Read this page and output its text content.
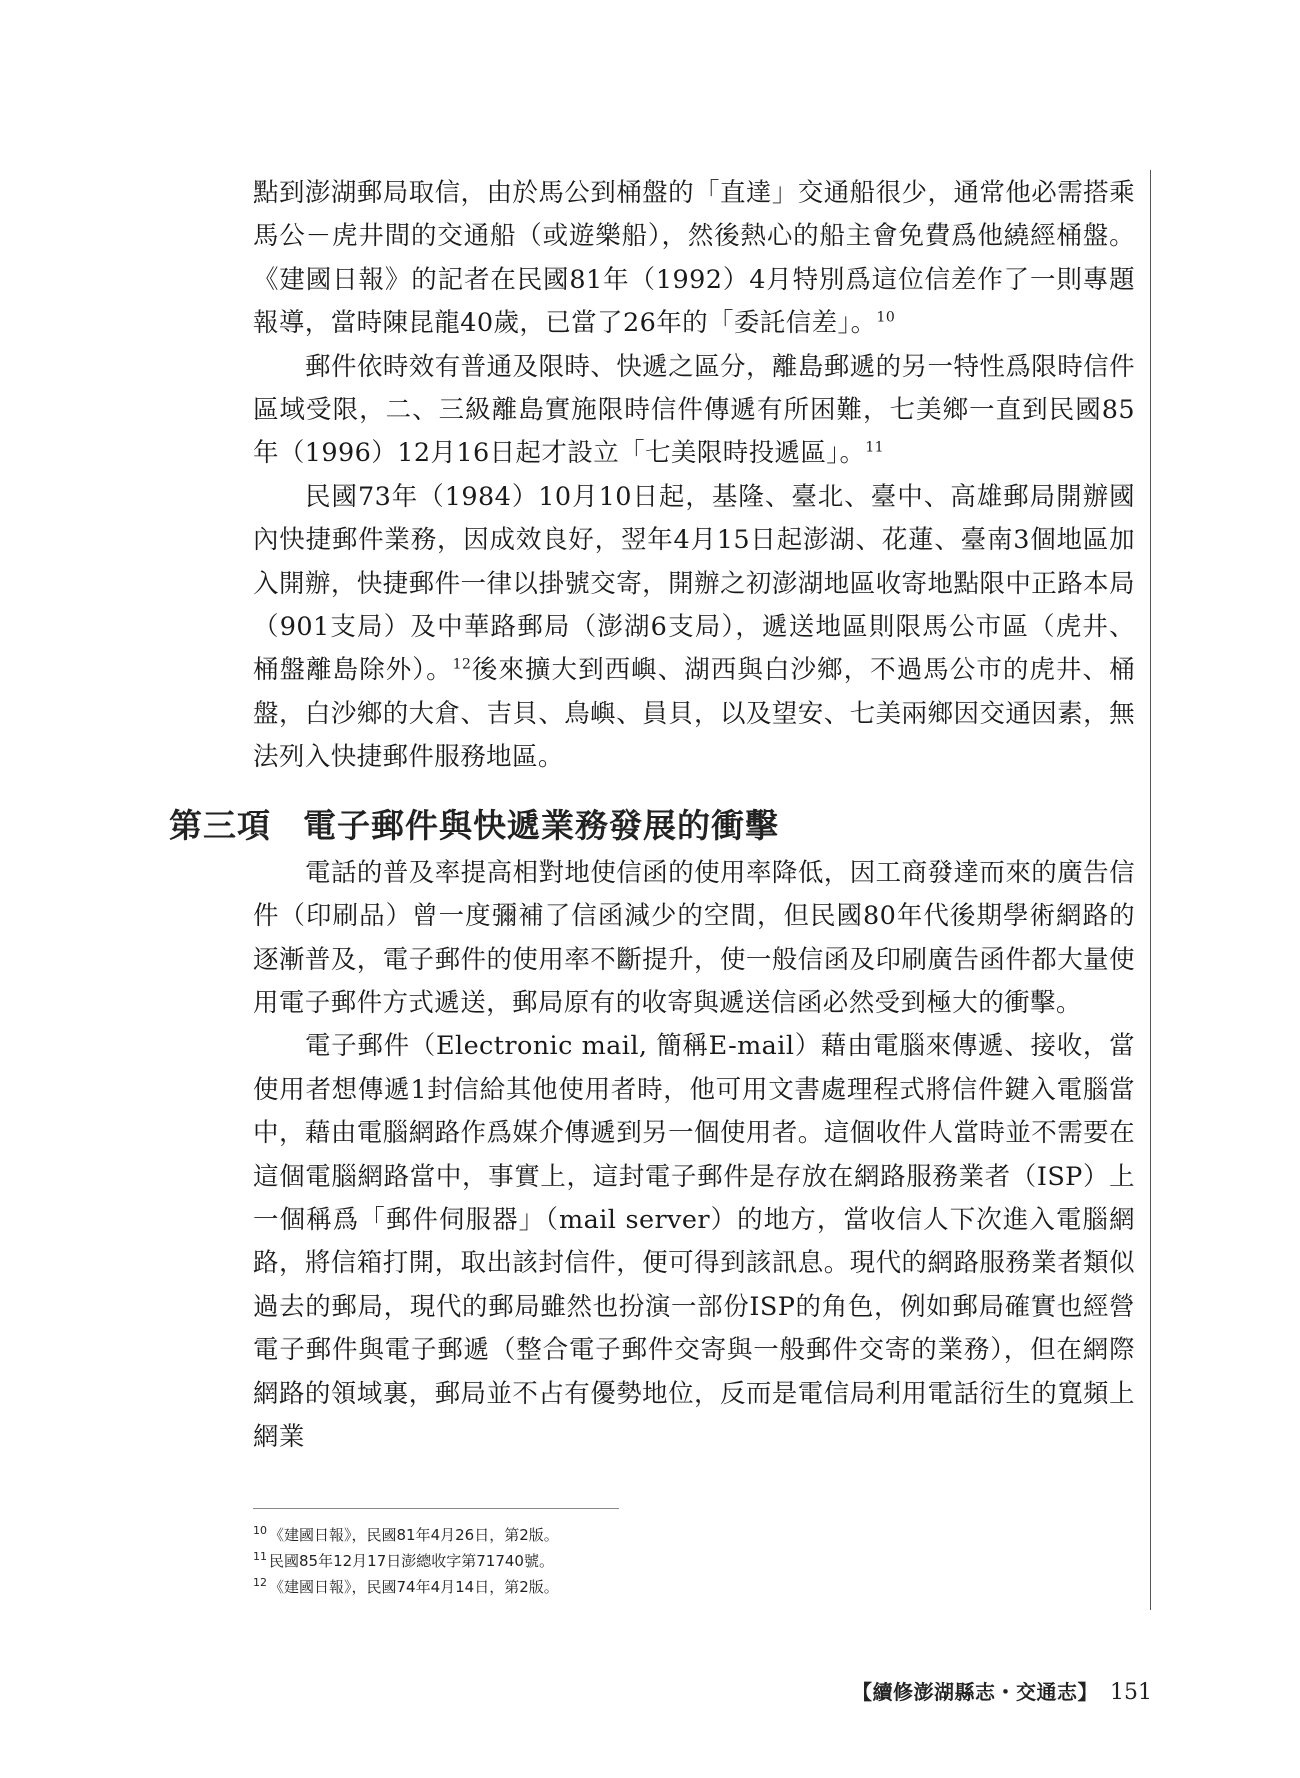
點到澎湖郵局取信，由於馬公到桶盤的「直達」交通船很少，通常他必需搭乘馬公－虎井間的交通船（或遊樂船），然後熱心的船主會免費爲他繞經桶盤。《建國日報》的記者在民國81年（1992）4月特別爲這位信差作了一則專題報導，當時陳昆龍40歲，已當了26年的「委託信差」。$^{10}$

郵件依時效有普通及限時、快遞之區分，離島郵遞的另一特性爲限時信件區域受限，二、三級離島實施限時信件傳遞有所困難，七美鄉一直到民國85年（1996）12月16日起才設立「七美限時投遞區」。$^{11}$

民國73年（1984）10月10日起，基隆、臺北、臺中、高雄郵局開辦國內快捷郵件業務，因成效良好，翌年4月15日起澎湖、花蓮、臺南3個地區加入開辦，快捷郵件一律以掛號交寄，開辦之初澎湖地區收寄地點限中正路本局（901支局）及中華路郵局（澎湖6支局），遞送地區則限馬公市區（虎井、桶盤離島除外）。$^{12}$後來擴大到西嶼、湖西與白沙鄉，不過馬公市的虎井、桶盤，白沙鄉的大倉、吉貝、鳥嶼、員貝，以及望安、七美兩鄉因交通因素，無法列入快捷郵件服務地區。

第三項 電子郵件與快遞業務發展的衝擊

電話的普及率提高相對地使信函的使用率降低，因工商發達而來的廣告信件（印刷品）曾一度彌補了信函減少的空間，但民國80年代後期學術網路的逐漸普及，電子郵件的使用率不斷提升，使一般信函及印刷廣告函件都大量使用電子郵件方式遞送，郵局原有的收寄與遞送信函必然受到極大的衝擊。

電子郵件（Electronic mail, 簡稱E-mail）藉由電腦來傳遞、接收，當使用者想傳遞1封信給其他使用者時，他可用文書處理程式將信件鍵入電腦當中，藉由電腦網路作爲媒介傳遞到另一個使用者。這個收件人當時並不需要在這個電腦網路當中，事實上，這封電子郵件是存放在網路服務業者（ISP）上一個稱爲「郵件伺服器」（mail server）的地方，當收信人下次進入電腦網路，將信箱打開，取出該封信件，便可得到該訊息。現代的網路服務業者類似過去的郵局，現代的郵局雖然也扮演一部份ISP的角色，例如郵局確實也經營電子郵件與電子郵遞（整合電子郵件交寄與一般郵件交寄的業務），但在網際網路的領域裏，郵局並不占有優勢地位，反而是電信局利用電話衍生的寬頻上網業

$^{10}$ 《建國日報》，民國81年4月26日，第2版。
$^{11}$ 民國85年12月17日澎總收字第71740號。
$^{12}$ 《建國日報》，民國74年4月14日，第2版。
【續修澎湖縣志・交通志】 151
